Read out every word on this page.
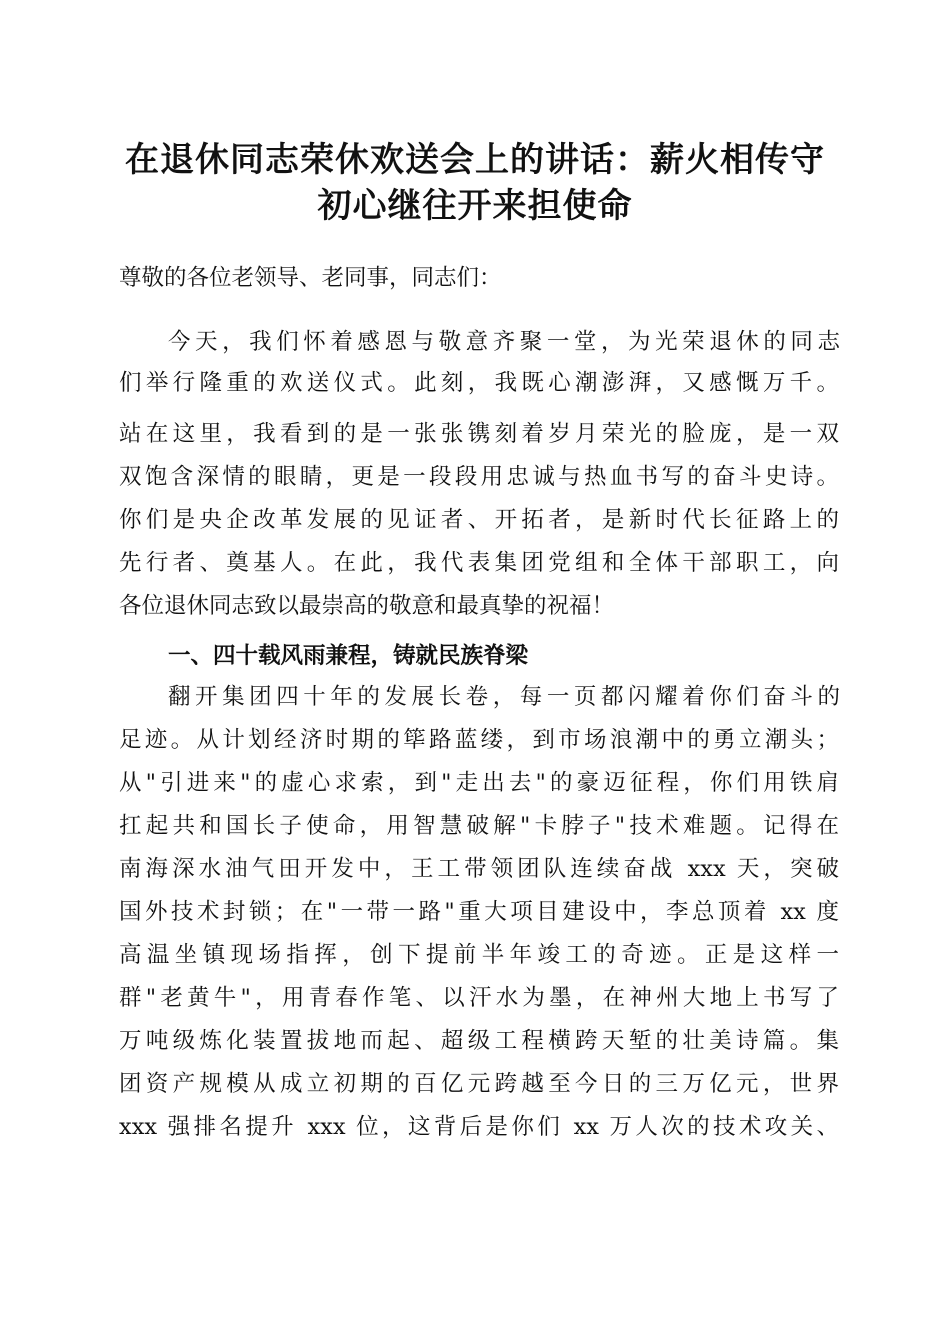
在退休同志荣休欢送会上的讲话：薪火相传守
初心继往开来担使命

尊敬的各位老领导、老同事，同志们：

今天，我们怀着感恩与敬意齐聚一堂，为光荣退休的同志

们举行隆重的欢送仪式。此刻，我既心潮澎湃，又感慨万千。

站在这里，我看到的是一张张镌刻着岁月荣光的脸庞，是一双

双饱含深情的眼睛，更是一段段用忠诚与热血书写的奋斗史诗。

你们是央企改革发展的见证者、开拓者，是新时代长征路上的

先行者、奠基人。在此，我代表集团党组和全体干部职工，向

各位退休同志致以最崇高的敬意和最真挚的祝福！

一、四十载风雨兼程，铸就民族脊梁

翻开集团四十年的发展长卷，每一页都闪耀着你们奋斗的

足迹。从计划经济时期的筚路蓝缕，到市场浪潮中的勇立潮头；

从"引进来"的虚心求索，到"走出去"的豪迈征程，你们用铁肩

扛起共和国长子使命，用智慧破解"卡脖子"技术难题。记得在

南海深水油气田开发中，王工带领团队连续奋战 xxx 天，突破

国外技术封锁；在"一带一路"重大项目建设中，李总顶着 xx 度

高温坐镇现场指挥，创下提前半年竣工的奇迹。正是这样一

群"老黄牛"，用青春作笔、以汗水为墨，在神州大地上书写了

万吨级炼化装置拔地而起、超级工程横跨天堑的壮美诗篇。集

团资产规模从成立初期的百亿元跨越至今日的三万亿元，世界

xxx 强排名提升 xxx 位，这背后是你们 xx 万人次的技术攻关、
